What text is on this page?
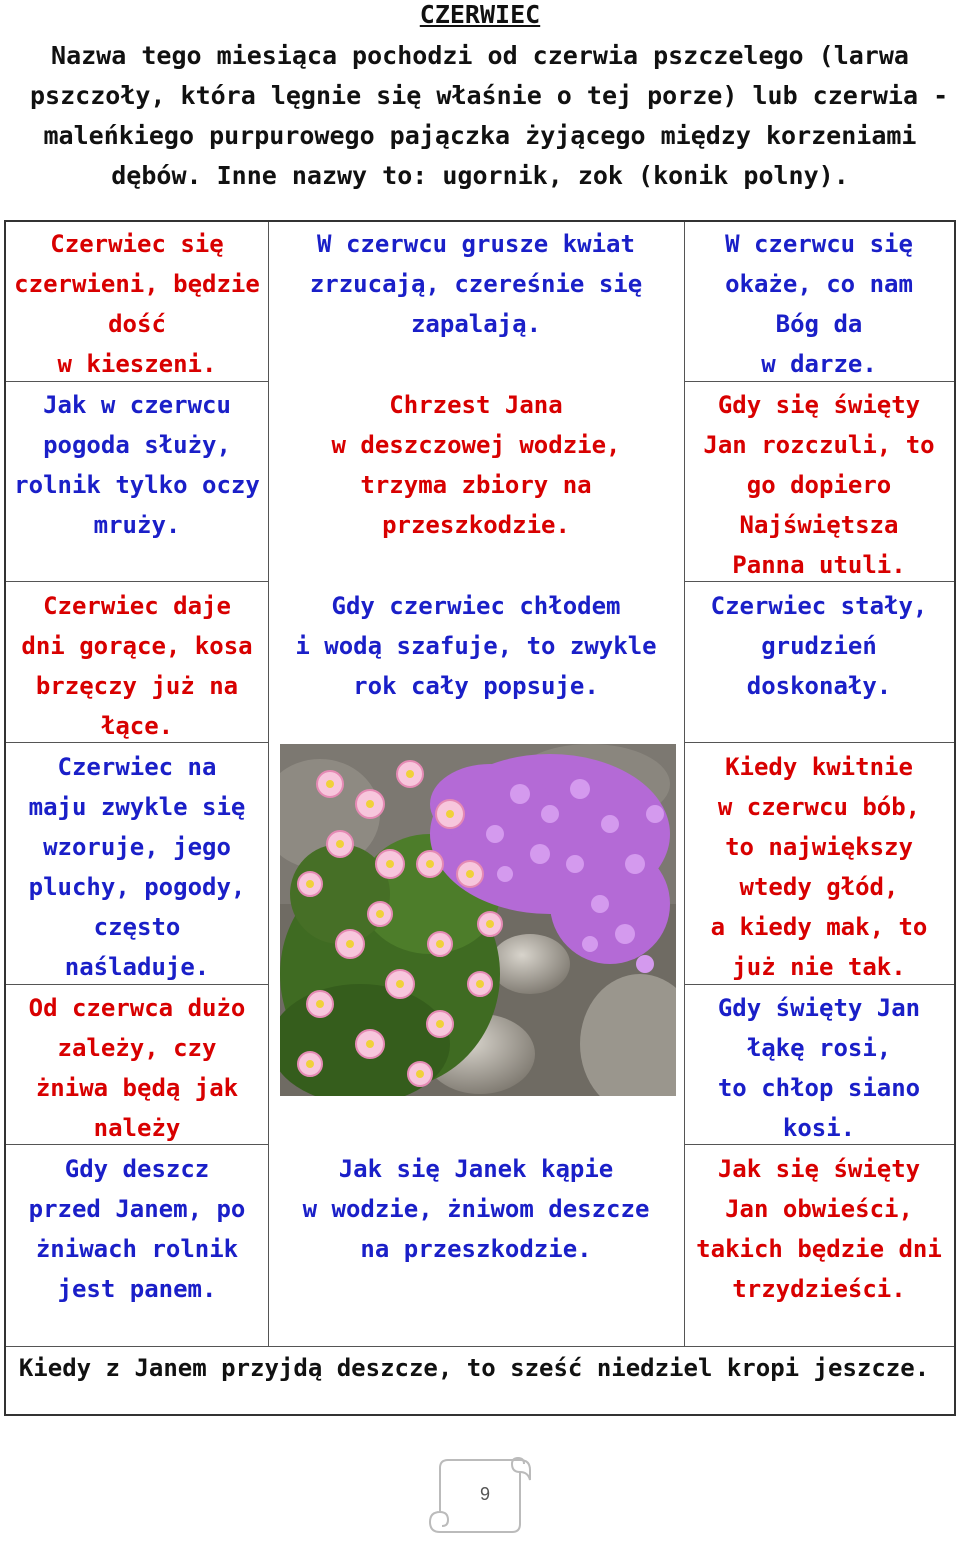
CZERWIEC
Nazwa tego miesiąca pochodzi od czerwia pszczelego (larwa
pszczoły, która lęgnie się właśnie o tej porze) lub czerwia -
maleńkiego purpurowego pajączka żyjącego między korzeniami
dębów. Inne nazwy to: ugornik, zok (konik polny).
Czerwiec się
czerwieni, będzie
dość
w kieszeni.
Jak w czerwcu
pogoda służy,
rolnik tylko oczy
mruży.
Czerwiec daje
dni gorące, kosa
brzęczy już na
łące.
Czerwiec na
maju zwykle się
wzoruje, jego
pluchy, pogody,
często
naśladuje.
Od czerwca dużo
zależy, czy
żniwa będą jak
należy
Gdy deszcz
przed Janem, po
żniwach rolnik
jest panem.
W czerwcu grusze kwiat
zrzucają, czereśnie się
zapalają.
Chrzest Jana
w deszczowej wodzie,
trzyma zbiory na
przeszkodzie.
Gdy czerwiec chłodem
i wodą szafuje, to zwykle
rok cały popsuje.
Jak się Janek kąpie
w wodzie, żniwom deszcze
na przeszkodzie.
W czerwcu się
okaże, co nam
Bóg da
w darze.
Gdy się święty
Jan rozczuli, to
go dopiero
Najświętsza
Panna utuli.
Czerwiec stały,
grudzień
doskonały.
Kiedy kwitnie
w czerwcu bób,
to największy
wtedy głód,
a kiedy mak, to
już nie tak.
Gdy święty Jan
łąkę rosi,
to chłop siano
kosi.
Jak się święty
Jan obwieści,
takich będzie dni
trzydzieści.
Kiedy z Janem przyjdą deszcze, to sześć niedziel kropi jeszcze.
9
